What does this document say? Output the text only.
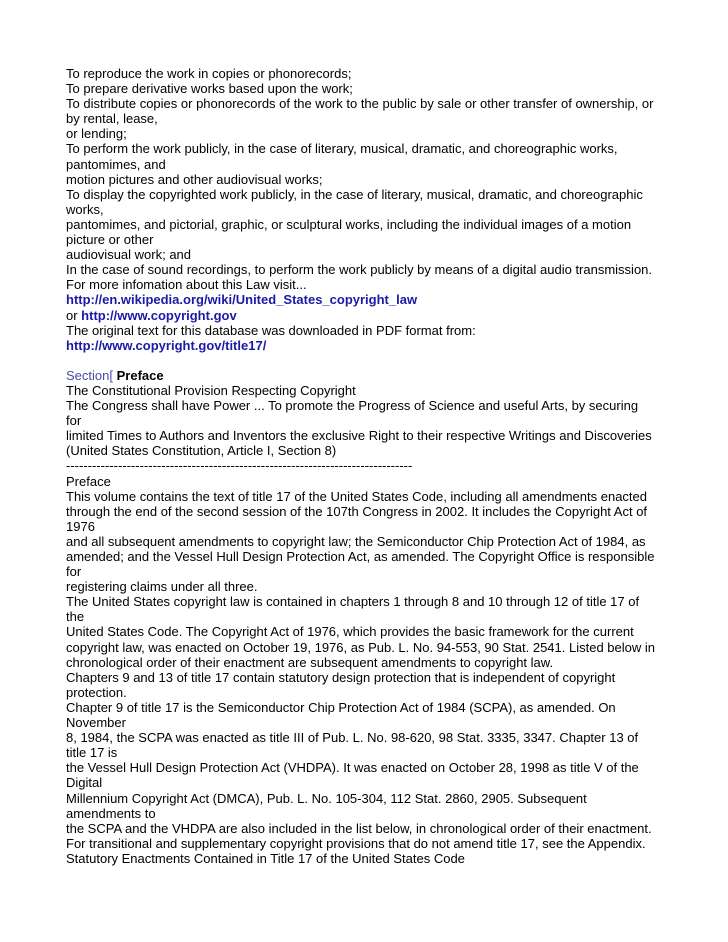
To reproduce the work in copies or phonorecords;
To prepare derivative works based upon the work;
To distribute copies or phonorecords of the work to the public by sale or other transfer of ownership, or
by rental, lease,
or lending;
To perform the work publicly, in the case of literary, musical, dramatic, and choreographic works,
pantomimes, and
motion pictures and other audiovisual works;
To display the copyrighted work publicly, in the case of literary, musical, dramatic, and choreographic
works,
pantomimes, and pictorial, graphic, or sculptural works, including the individual images of a motion
picture or other
audiovisual work; and
In the case of sound recordings, to perform the work publicly by means of a digital audio transmission.
For more infomation about this Law visit...
http://en.wikipedia.org/wiki/United_States_copyright_law
or http://www.copyright.gov
The original text for this database was downloaded in PDF format from:
http://www.copyright.gov/title17/
Section[ Preface
The Constitutional Provision Respecting Copyright
The Congress shall have Power ... To promote the Progress of Science and useful Arts, by securing
for
limited Times to Authors and Inventors the exclusive Right to their respective Writings and Discoveries
(United States Constitution, Article I, Section 8)
--------------------------------------------------------------------------------
Preface
This volume contains the text of title 17 of the United States Code, including all amendments enacted
through the end of the second session of the 107th Congress in 2002. It includes the Copyright Act of
1976
and all subsequent amendments to copyright law; the Semiconductor Chip Protection Act of 1984, as
amended; and the Vessel Hull Design Protection Act, as amended. The Copyright Office is responsible
for
registering claims under all three.
The United States copyright law is contained in chapters 1 through 8 and 10 through 12 of title 17 of
the
United States Code. The Copyright Act of 1976, which provides the basic framework for the current
copyright law, was enacted on October 19, 1976, as Pub. L. No. 94-553, 90 Stat. 2541. Listed below in
chronological order of their enactment are subsequent amendments to copyright law.
Chapters 9 and 13 of title 17 contain statutory design protection that is independent of copyright
protection.
Chapter 9 of title 17 is the Semiconductor Chip Protection Act of 1984 (SCPA), as amended. On
November
8, 1984, the SCPA was enacted as title III of Pub. L. No. 98-620, 98 Stat. 3335, 3347. Chapter 13 of
title 17 is
the Vessel Hull Design Protection Act (VHDPA). It was enacted on October 28, 1998 as title V of the
Digital
Millennium Copyright Act (DMCA), Pub. L. No. 105-304, 112 Stat. 2860, 2905. Subsequent
amendments to
the SCPA and the VHDPA are also included in the list below, in chronological order of their enactment.
For transitional and supplementary copyright provisions that do not amend title 17, see the Appendix.
Statutory Enactments Contained in Title 17 of the United States Code
